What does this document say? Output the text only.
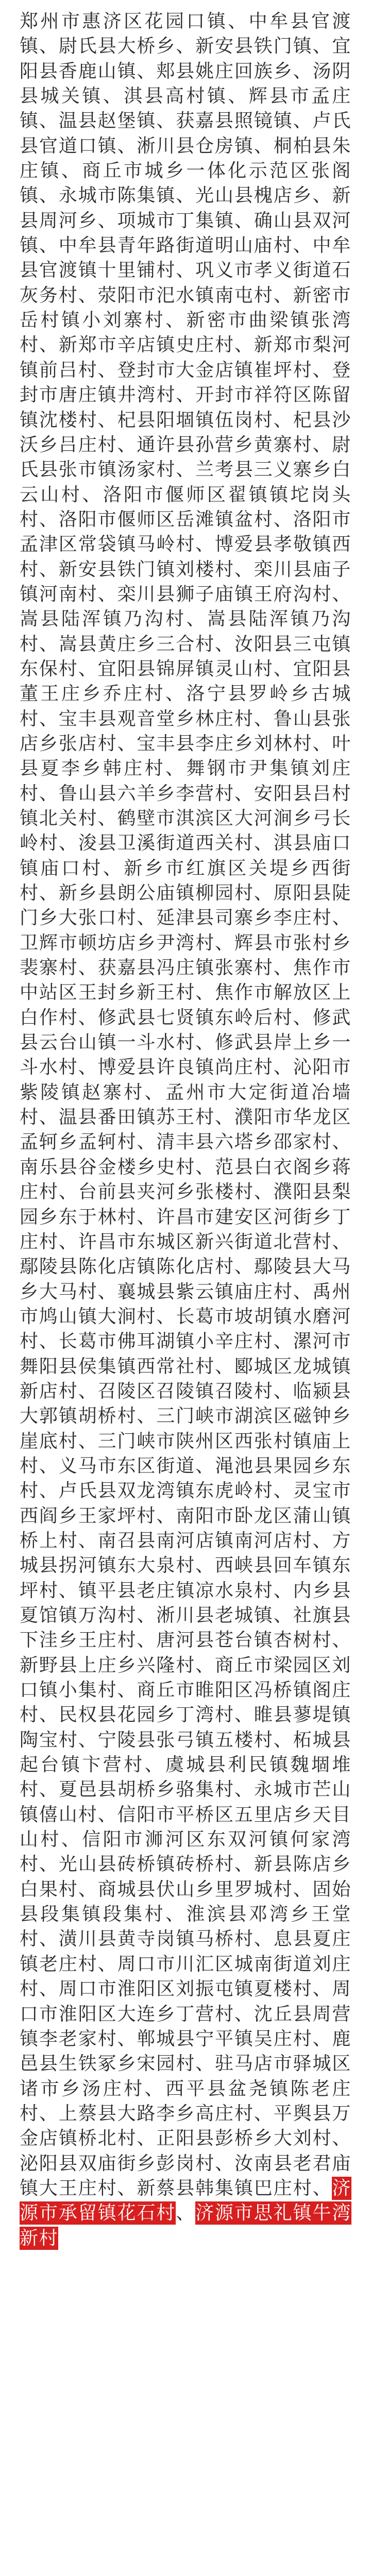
郑州市惠济区花园口镇、中牟县官渡镇、尉氏县大桥乡、新安县铁门镇、宜阳县香鹿山镇、郏县姚庄回族乡、汤阴县城关镇、淇县高村镇、辉县市孟庄镇、温县赵堡镇、获嘉县照镜镇、卢氏县官道口镇、淅川县仓房镇、桐柏县朱庄镇、商丘市城乡一体化示范区张阁镇、永城市陈集镇、光山县槐店乡、新县周河乡、项城市丁集镇、确山县双河镇、中牟县青年路街道明山庙村、中牟县官渡镇十里铺村、巩义市孝义街道石灰务村、荥阳市汜水镇南屯村、新密市岳村镇小刘寨村、新密市曲梁镇张湾村、新郑市辛店镇史庄村、新郑市梨河镇前吕村、登封市大金店镇崔坪村、登封市唐庄镇井湾村、开封市祥符区陈留镇沈楼村、杞县阳堌镇伍岗村、杞县沙沃乡吕庄村、通许县孙营乡黄寨村、尉氏县张市镇汤家村、兰考县三义寨乡白云山村、洛阳市偃师区翟镇镇坨岗头村、洛阳市偃师区岳滩镇盆村、洛阳市孟津区常袋镇马岭村、博爱县孝敬镇西村、新安县铁门镇刘楼村、栾川县庙子镇河南村、栾川县狮子庙镇王府沟村、嵩县陆浑镇乃沟村、嵩县陆浑镇乃沟村、嵩县黄庄乡三合村、汝阳县三屯镇东保村、宜阳县锦屏镇灵山村、宜阳县董王庄乡乔庄村、洛宁县罗岭乡古城村、宝丰县观音堂乡林庄村、鲁山县张店乡张店村、宝丰县李庄乡刘林村、叶县夏李乡韩庄村、舞钢市尹集镇刘庄村、鲁山县六羊乡李营村、安阳县吕村镇北关村、鹤壁市淇滨区大河涧乡弓长岭村、浚县卫溪街道西关村、淇县庙口镇庙口村、新乡市红旗区关堤乡西街村、新乡县朗公庙镇柳园村、原阳县陡门乡大张口村、延津县司寨乡李庄村、卫辉市顿坊店乡尹湾村、辉县市张村乡裴寨村、获嘉县冯庄镇张寨村、焦作市中站区王封乡新王村、焦作市解放区上白作村、修武县七贤镇东岭后村、修武县云台山镇一斗水村、修武县岸上乡一斗水村、博爱县许良镇尚庄村、沁阳市紫陵镇赵寨村、孟州市大定街道冶墙村、温县番田镇苏王村、濮阳市华龙区孟轲乡孟轲村、清丰县六塔乡邵家村、南乐县谷金楼乡史村、范县白衣阁乡蒋庄村、台前县夹河乡张楼村、濮阳县梨园乡东于林村、许昌市建安区河街乡丁庄村、许昌市东城区新兴街道北营村、鄢陵县陈化店镇陈化店村、鄢陵县大马乡大马村、襄城县紫云镇庙庄村、禹州市鸠山镇大涧村、长葛市坡胡镇水磨河村、长葛市佛耳湖镇小辛庄村、漯河市舞阳县侯集镇西常社村、郾城区龙城镇新店村、召陵区召陵镇召陵村、临颍县大郭镇胡桥村、三门峡市湖滨区磁钟乡崖底村、三门峡市陕州区西张村镇庙上村、义马市东区街道、渑池县果园乡东村、卢氏县双龙湾镇东虎岭村、灵宝市西阎乡王家坪村、南阳市卧龙区蒲山镇桥上村、南召县南河店镇南河店村、方城县拐河镇东大泉村、西峡县回车镇东坪村、镇平县老庄镇凉水泉村、内乡县夏馆镇万沟村、淅川县老城镇、社旗县下洼乡王庄村、唐河县苍台镇杏树村、新野县上庄乡兴隆村、商丘市梁园区刘口镇小集村、商丘市睢阳区冯桥镇阁庄村、民权县花园乡丁湾村、睢县蓼堤镇陶宝村、宁陵县张弓镇五楼村、柘城县起台镇卞营村、虞城县利民镇魏堌堆村、夏邑县胡桥乡骆集村、永城市芒山镇僖山村、信阳市平桥区五里店乡天目山村、信阳市浉河区东双河镇何家湾村、光山县砖桥镇砖桥村、新县陈店乡白果村、商城县伏山乡里罗城村、固始县段集镇段集村、淮滨县邓湾乡王堂村、潢川县黄寺岗镇马桥村、息县夏庄镇老庄村、周口市川汇区城南街道刘庄村、周口市淮阳区刘振屯镇夏楼村、周口市淮阳区大连乡丁营村、沈丘县周营镇李老家村、郸城县宁平镇吴庄村、鹿邑县生铁冢乡宋园村、驻马店市驿城区诸市乡汤庄村、西平县盆尧镇陈老庄村、上蔡县大路李乡高庄村、平舆县万金店镇桥北村、正阳县彭桥乡大刘村、泌阳县双庙街乡彭岗村、汝南县老君庙镇大王庄村、新蔡县韩集镇巴庄村、济源市承留镇花石村、济源市思礼镇牛湾新村
